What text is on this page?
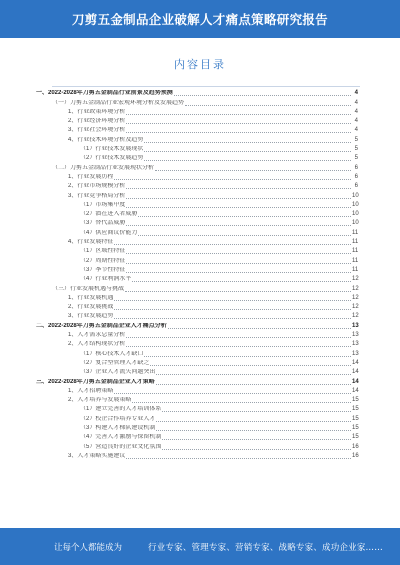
刀剪五金制品企业破解人才痛点策略研究报告
内容目录
一、2022-2028年刀剪五金制品行业前景及趋势预测	4
（一）刀剪五金制品行业宏观环境分析及发展趋势	4
1、行业政策环境分析	4
2、行业经济环境分析	4
3、行业社会环境分析	4
4、行业技术环境分析及趋势	5
（1）行业技术发展现状	5
（2）行业技术发展趋势	5
（二）刀剪五金制品行业发展现状分析	6
1、行业发展历程	6
2、行业市场规模分析	6
3、行业竞争格局分析	10
（1）市场集中度	10
（2）潜在进入者威胁	10
（3）替代品威胁	10
（4）供应商议价能力	11
4、行业发展特征	11
（1）区域性特征	11
（2）周期性特征	11
（3）季节性特征	11
（4）行业利润水平	12
（三）行业发展机遇与挑战	12
1、行业发展机遇	12
2、行业发展挑战	12
3、行业发展趋势	12
二、2022-2028年刀剪五金制品企业人才痛点分析	13
1、人才需求总量分析	13
2、人才结构现状分析	13
（1）核心技术人才缺口	13
（2）复合型管理人才缺乏	14
（3）企业人才流失问题突出	14
三、2022-2028年刀剪五金制品企业人才策略	14
1、人才招聘策略	14
2、人才培养与发展策略	15
（1）建立完善的人才培训体系	15
（2）校企合作培养专业人才	15
（3）构建人才梯队建设机制	15
（4）完善人才激励与保留机制	15
（5）营造良好的企业文化氛围	16
3、人才策略实施建议	16
让每个人都能成为	行业专家、管理专家、营销专家、战略专家、成功企业家……
